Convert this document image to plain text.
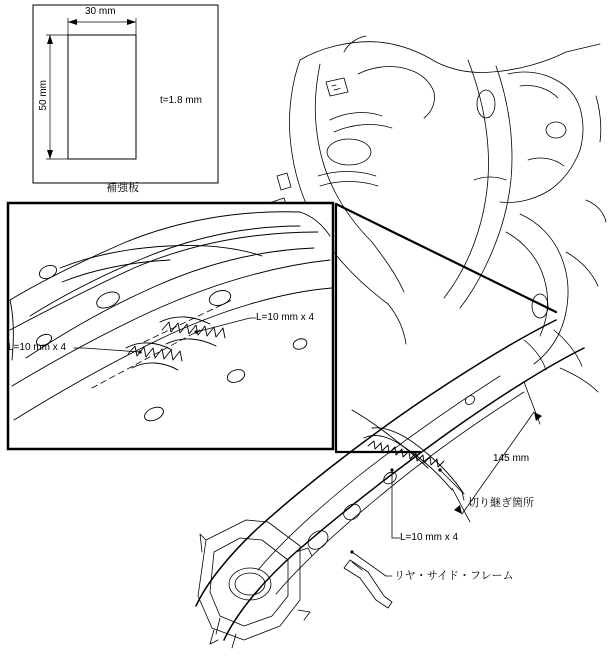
30 mm
50 mm	t=1.8 mm
補強板
L=10 mm x 4
L=10 mm x 4
145 mm
切り継ぎ箇所
L=10 mm x 4
リヤ・サイド・フレーム
